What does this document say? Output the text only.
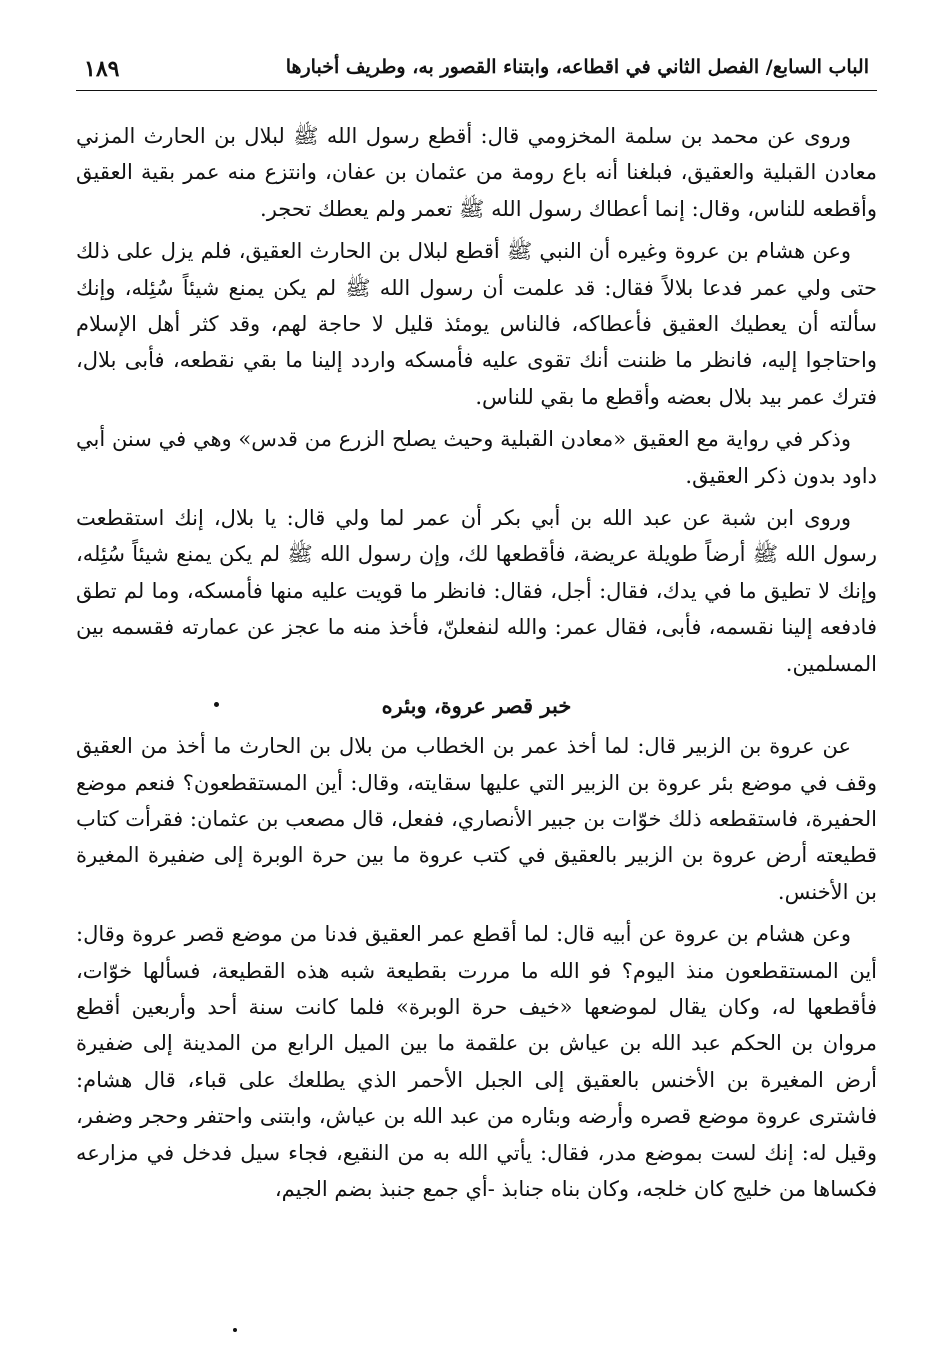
الباب السابع/ الفصل الثاني في اقطاعه، وابتناء القصور به، وطريف أخبارها
١٨٩

وروى عن محمد بن سلمة المخزومي قال: أقطع رسول الله ﷺ لبلال بن الحارث المزني معادن القبلية والعقيق، فبلغنا أنه باع رومة من عثمان بن عفان، وانتزع منه عمر بقية العقيق وأقطعه للناس، وقال: إنما أعطاك رسول الله ﷺ تعمر ولم يعطك تحجر.

وعن هشام بن عروة وغيره أن النبي ﷺ أقطع لبلال بن الحارث العقيق، فلم يزل على ذلك حتى ولي عمر فدعا بلالاً فقال: قد علمت أن رسول الله ﷺ لم يكن يمنع شيئاً سُئِله، وإنك سألته أن يعطيك العقيق فأعطاكه، فالناس يومئذ قليل لا حاجة لهم، وقد كثر أهل الإسلام واحتاجوا إليه، فانظر ما ظننت أنك تقوى عليه فأمسكه واردد إلينا ما بقي نقطعه، فأبى بلال، فترك عمر بيد بلال بعضه وأقطع ما بقي للناس.

وذكر في رواية مع العقيق «معادن القبلية وحيث يصلح الزرع من قدس» وهي في سنن أبي داود بدون ذكر العقيق.

وروى ابن شبة عن عبد الله بن أبي بكر أن عمر لما ولي قال: يا بلال، إنك استقطعت رسول الله ﷺ أرضاً طويلة عريضة، فأقطعها لك، وإن رسول الله ﷺ لم يكن يمنع شيئاً سُئِله، وإنك لا تطيق ما في يدك، فقال: أجل، فقال: فانظر ما قويت عليه منها فأمسكه، وما لم تطق فادفعه إلينا نقسمه، فأبى، فقال عمر: والله لنفعلنّ، فأخذ منه ما عجز عن عمارته فقسمه بين المسلمين.

خبر قصر عروة، وبئره

عن عروة بن الزبير قال: لما أخذ عمر بن الخطاب من بلال بن الحارث ما أخذ من العقيق وقف في موضع بئر عروة بن الزبير التي عليها سقايته، وقال: أين المستقطعون؟ فنعم موضع الحفيرة، فاستقطعه ذلك خوّات بن جبير الأنصاري، ففعل، قال مصعب بن عثمان: فقرأت كتاب قطيعته أرض عروة بن الزبير بالعقيق في كتب عروة ما بين حرة الوبرة إلى ضفيرة المغيرة بن الأخنس.

وعن هشام بن عروة عن أبيه قال: لما أقطع عمر العقيق فدنا من موضع قصر عروة وقال: أين المستقطعون منذ اليوم؟ فو الله ما مررت بقطيعة شبه هذه القطيعة، فسألها خوّات، فأقطعها له، وكان يقال لموضعها «خيف حرة الوبرة» فلما كانت سنة أحد وأربعين أقطع مروان بن الحكم عبد الله بن عياش بن علقمة ما بين الميل الرابع من المدينة إلى ضفيرة أرض المغيرة بن الأخنس بالعقيق إلى الجبل الأحمر الذي يطلعك على قباء، قال هشام: فاشترى عروة موضع قصره وأرضه وبئاره من عبد الله بن عياش، وابتنى واحتفر وحجر وضفر، وقيل له: إنك لست بموضع مدر، فقال: يأتي الله به من النقيع، فجاء سيل فدخل في مزارعه فكساها من خليج كان خلجه، وكان بناه جنابذ -أي جمع جنبذ بضم الجيم،
